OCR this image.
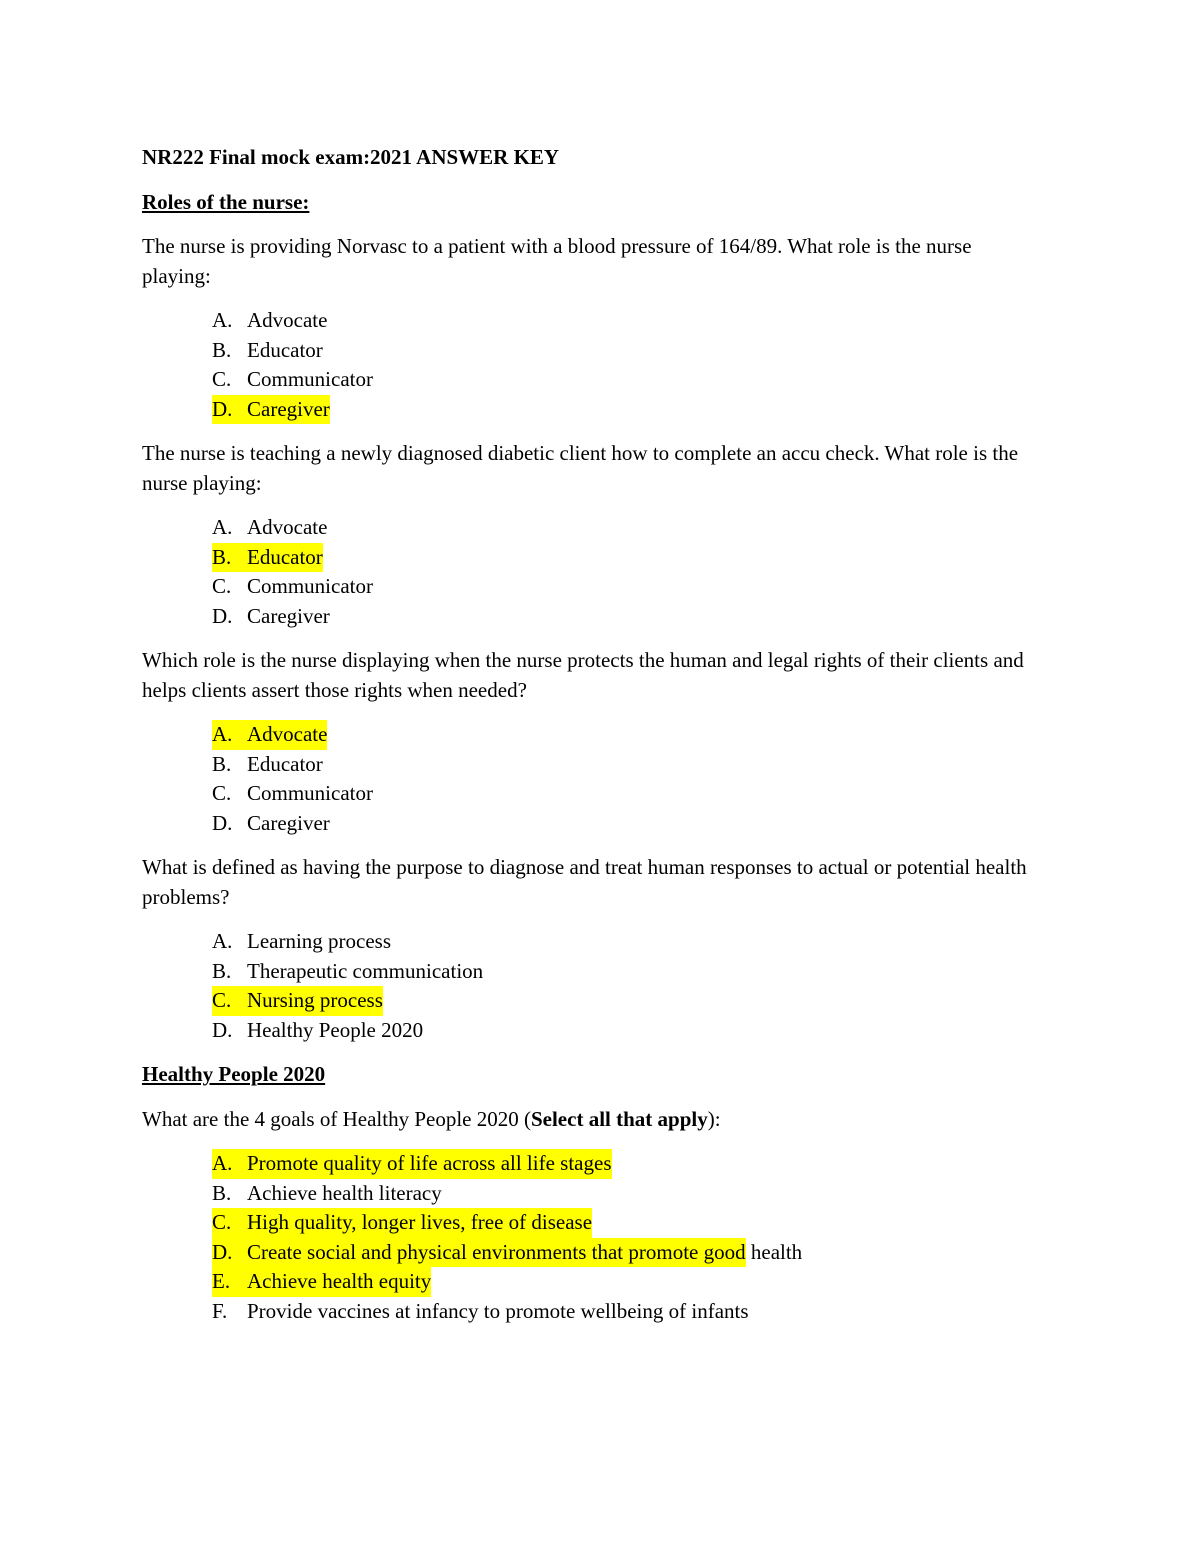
NR222 Final mock exam:2021 ANSWER KEY
Roles of the nurse:
The nurse is providing Norvasc to a patient with a blood pressure of 164/89. What role is the nurse playing:
A. Advocate
B. Educator
C. Communicator
D. Caregiver
The nurse is teaching a newly diagnosed diabetic client how to complete an accu check. What role is the nurse playing:
A. Advocate
B. Educator
C. Communicator
D. Caregiver
Which role is the nurse displaying when the nurse protects the human and legal rights of their clients and helps clients assert those rights when needed?
A. Advocate
B. Educator
C. Communicator
D. Caregiver
What is defined as having the purpose to diagnose and treat human responses to actual or potential health problems?
A. Learning process
B. Therapeutic communication
C. Nursing process
D. Healthy People 2020
Healthy People 2020
What are the 4 goals of Healthy People 2020 (Select all that apply):
A. Promote quality of life across all life stages
B. Achieve health literacy
C. High quality, longer lives, free of disease
D. Create social and physical environments that promote good health
E. Achieve health equity
F. Provide vaccines at infancy to promote wellbeing of infants
